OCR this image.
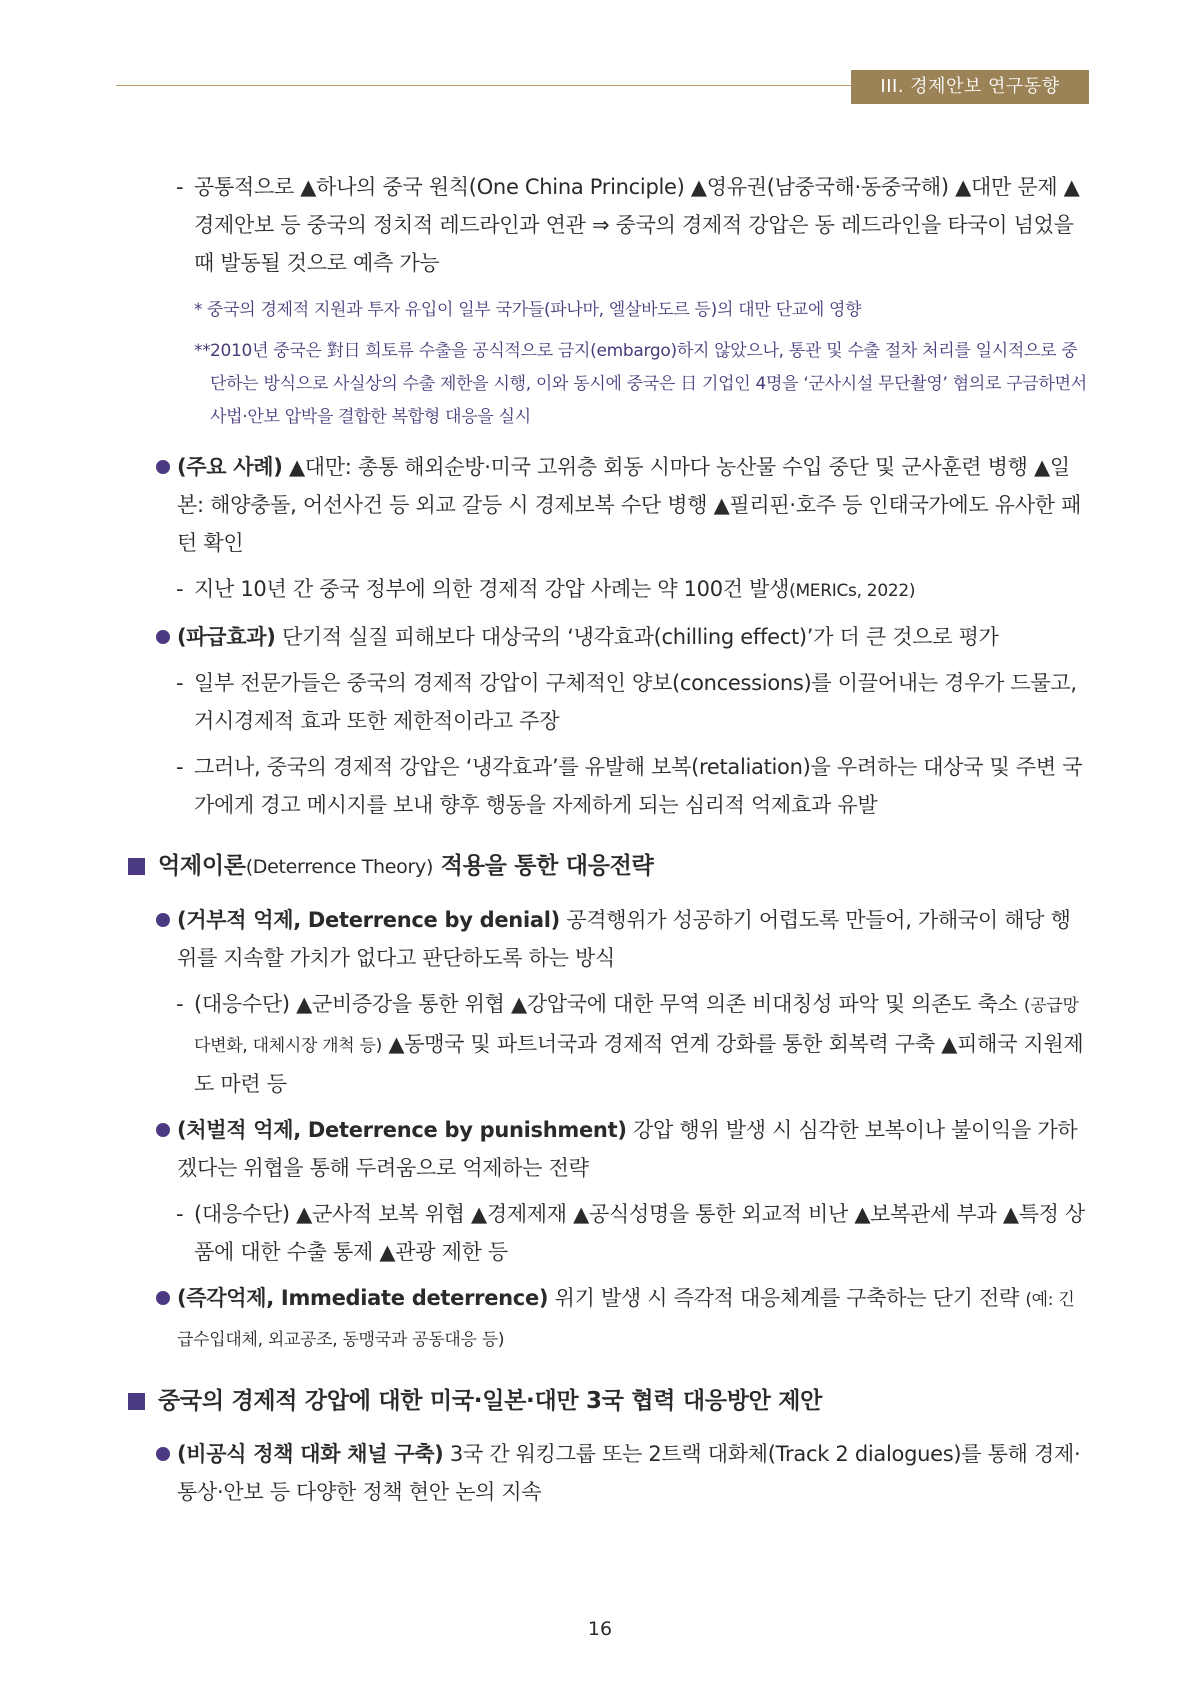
III. 경제안보 연구동향
- 공통적으로 ▲하나의 중국 원칙(One China Principle) ▲영유권(남중국해·동중국해) ▲대만 문제 ▲경제안보 등 중국의 정치적 레드라인과 연관 ⇒ 중국의 경제적 강압은 동 레드라인을 타국이 넘었을 때 발동될 것으로 예측 가능
* 중국의 경제적 지원과 투자 유입이 일부 국가들(파나마, 엘살바도르 등)의 대만 단교에 영향
** 2010년 중국은 對日 희토류 수출을 공식적으로 금지(embargo)하지 않았으나, 통관 및 수출 절차 처리를 일시적으로 중단하는 방식으로 사실상의 수출 제한을 시행, 이와 동시에 중국은 日 기업인 4명을 ‘군사시설 무단촬영’ 혐의로 구금하면서 사법·안보 압박을 결합한 복합형 대응을 실시
(주요 사례) ▲대만: 총통 해외순방·미국 고위층 회동 시마다 농산물 수입 중단 및 군사훈련 병행 ▲일본: 해양충돌, 어선사건 등 외교 갈등 시 경제보복 수단 병행 ▲필리핀·호주 등 인태국가에도 유사한 패턴 확인
- 지난 10년 간 중국 정부에 의한 경제적 강압 사례는 약 100건 발생(MERICs, 2022)
(파급효과) 단기적 실질 피해보다 대상국의 ‘냉각효과(chilling effect)’가 더 큰 것으로 평가
- 일부 전문가들은 중국의 경제적 강압이 구체적인 양보(concessions)를 이끌어내는 경우가 드물고, 거시경제적 효과 또한 제한적이라고 주장
- 그러나, 중국의 경제적 강압은 ‘냉각효과’를 유발해 보복(retaliation)을 우려하는 대상국 및 주변 국가에게 경고 메시지를 보내 향후 행동을 자제하게 되는 심리적 억제효과 유발
억제이론(Deterrence Theory) 적용을 통한 대응전략
(거부적 억제, Deterrence by denial) 공격행위가 성공하기 어렵도록 만들어, 가해국이 해당 행위를 지속할 가치가 없다고 판단하도록 하는 방식
- (대응수단) ▲군비증강을 통한 위협 ▲강압국에 대한 무역 의존 비대칭성 파악 및 의존도 축소 (공급망 다변화, 대체시장 개척 등) ▲동맹국 및 파트너국과 경제적 연계 강화를 통한 회복력 구축 ▲피해국 지원제도 마련 등
(처벌적 억제, Deterrence by punishment) 강압 행위 발생 시 심각한 보복이나 불이익을 가하겠다는 위협을 통해 두려움으로 억제하는 전략
- (대응수단) ▲군사적 보복 위협 ▲경제제재 ▲공식성명을 통한 외교적 비난 ▲보복관세 부과 ▲특정 상품에 대한 수출 통제 ▲관광 제한 등
(즉각억제, Immediate deterrence) 위기 발생 시 즉각적 대응체계를 구축하는 단기 전략 (예: 긴급수입대체, 외교공조, 동맹국과 공동대응 등)
중국의 경제적 강압에 대한 미국·일본·대만 3국 협력 대응방안 제안
(비공식 정책 대화 채널 구축) 3국 간 워킹그룹 또는 2트랙 대화체(Track 2 dialogues)를 통해 경제·통상·안보 등 다양한 정책 현안 논의 지속
16
